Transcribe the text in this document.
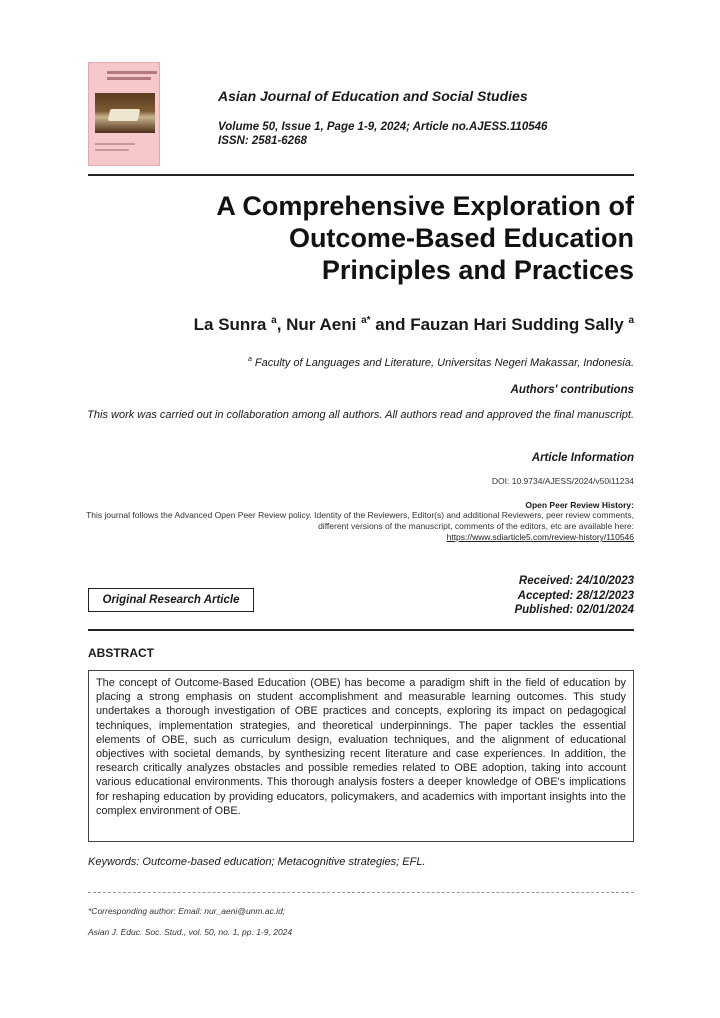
Asian Journal of Education and Social Studies
Volume 50, Issue 1, Page 1-9, 2024; Article no.AJESS.110546
ISSN: 2581-6268
A Comprehensive Exploration of
Outcome-Based Education
Principles and Practices
La Sunra $^a$, Nur Aeni $^{a*}$ and Fauzan Hari Sudding Sally $^a$
$^a$ Faculty of Languages and Literature, Universitas Negeri Makassar, Indonesia.
Authors' contributions
This work was carried out in collaboration among all authors. All authors read and approved the final manuscript.
Article Information
DOI: 10.9734/AJESS/2024/v50i11234
Open Peer Review History:
This journal follows the Advanced Open Peer Review policy. Identity of the Reviewers, Editor(s) and additional Reviewers, peer review comments, different versions of the manuscript, comments of the editors, etc are available here:
https://www.sdiarticle5.com/review-history/110546
Original Research Article
Received: 24/10/2023
Accepted: 28/12/2023
Published: 02/01/2024
ABSTRACT
The concept of Outcome-Based Education (OBE) has become a paradigm shift in the field of education by placing a strong emphasis on student accomplishment and measurable learning outcomes. This study undertakes a thorough investigation of OBE practices and concepts, exploring its impact on pedagogical techniques, implementation strategies, and theoretical underpinnings. The paper tackles the essential elements of OBE, such as curriculum design, evaluation techniques, and the alignment of educational objectives with societal demands, by synthesizing recent literature and case experiences. In addition, the research critically analyzes obstacles and possible remedies related to OBE adoption, taking into account various educational environments. This thorough analysis fosters a deeper knowledge of OBE's implications for reshaping education by providing educators, policymakers, and academics with important insights into the complex environment of OBE.
Keywords: Outcome-based education; Metacognitive strategies; EFL.
*Corresponding author: Email: nur_aeni@unm.ac.id;
Asian J. Educ. Soc. Stud., vol. 50, no. 1, pp. 1-9, 2024
